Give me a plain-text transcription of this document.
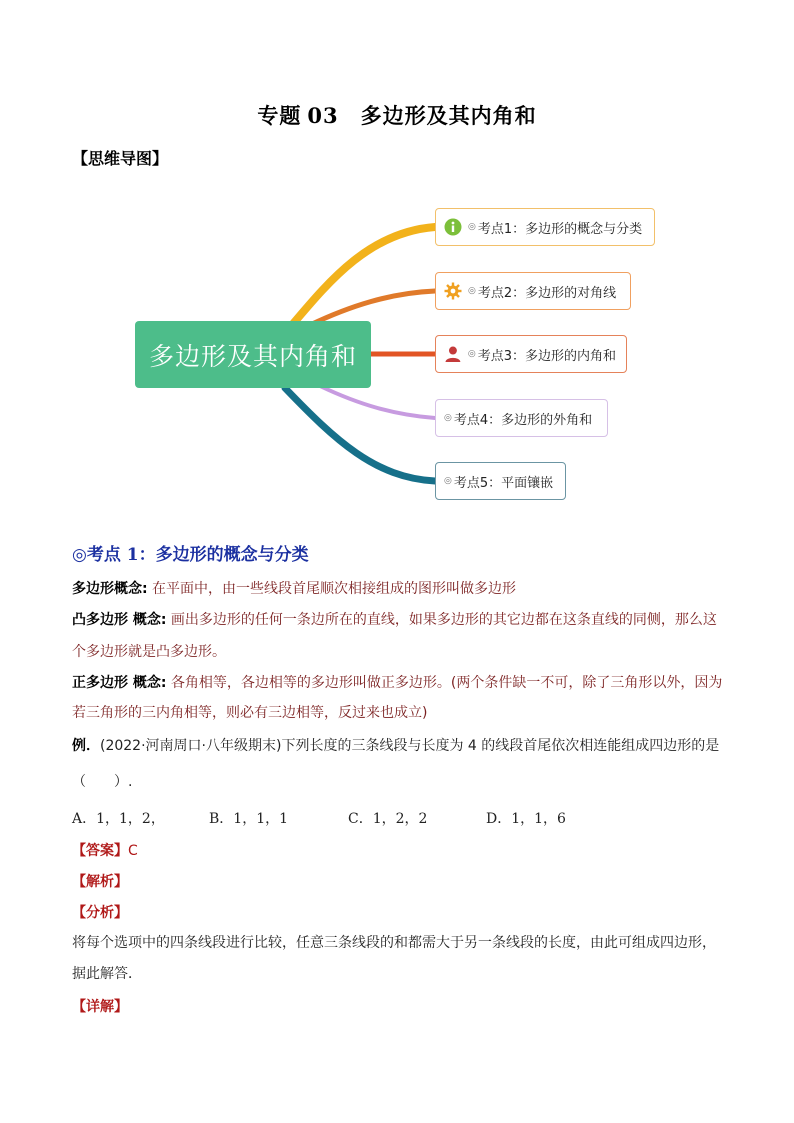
专题 03 多边形及其内角和
【思维导图】
多边形及其内角和
◎ 考点1：多边形的概念与分类
◎ 考点2：多边形的对角线
◎ 考点3：多边形的内角和
◎ 考点4：多边形的外角和
◎ 考点5：平面镶嵌
◎考点 1：多边形的概念与分类
多边形概念: 在平面中，由一些线段首尾顺次相接组成的图形叫做多边形
凸多边形 概念: 画出多边形的任何一条边所在的直线，如果多边形的其它边都在这条直线的同侧，那么这
个多边形就是凸多边形。
正多边形 概念: 各角相等，各边相等的多边形叫做正多边形。(两个条件缺一不可，除了三角形以外，因为
若三角形的三内角相等，则必有三边相等，反过来也成立)
例．(2022·河南周口·八年级期末)下列长度的三条线段与长度为 4 的线段首尾依次相连能组成四边形的是
（　　）.
A．1，1，2，	B．1，1，1	C．1，2，2	D．1，1，6
【答案】C
【解析】
【分析】
将每个选项中的四条线段进行比较，任意三条线段的和都需大于另一条线段的长度，由此可组成四边形，
据此解答．
【详解】
